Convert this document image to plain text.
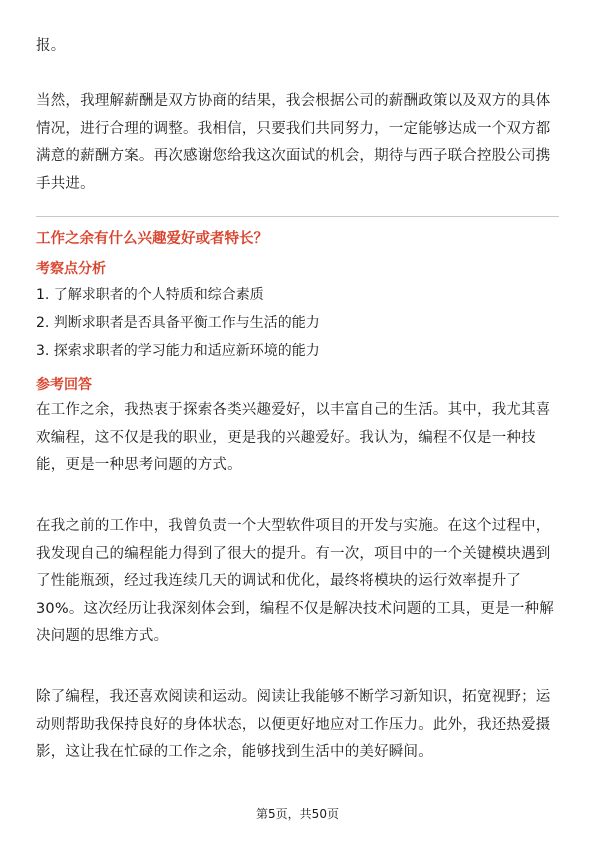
报。

当然，我理解薪酬是双方协商的结果，我会根据公司的薪酬政策以及双方的具体情况，进行合理的调整。我相信，只要我们共同努力，一定能够达成一个双方都满意的薪酬方案。再次感谢您给我这次面试的机会，期待与西子联合控股公司携手共进。

工作之余有什么兴趣爱好或者特长？

考察点分析

1. 了解求职者的个人特质和综合素质

2. 判断求职者是否具备平衡工作与生活的能力

3. 探索求职者的学习能力和适应新环境的能力

参考回答

在工作之余，我热衷于探索各类兴趣爱好，以丰富自己的生活。其中，我尤其喜欢编程，这不仅是我的职业，更是我的兴趣爱好。我认为，编程不仅是一种技能，更是一种思考问题的方式。

在我之前的工作中，我曾负责一个大型软件项目的开发与实施。在这个过程中，我发现自己的编程能力得到了很大的提升。有一次，项目中的一个关键模块遇到了性能瓶颈，经过我连续几天的调试和优化，最终将模块的运行效率提升了30%。这次经历让我深刻体会到，编程不仅是解决技术问题的工具，更是一种解决问题的思维方式。

除了编程，我还喜欢阅读和运动。阅读让我能够不断学习新知识，拓宽视野；运动则帮助我保持良好的身体状态，以便更好地应对工作压力。此外，我还热爱摄影，这让我在忙碌的工作之余，能够找到生活中的美好瞬间。

第5页，共50页
